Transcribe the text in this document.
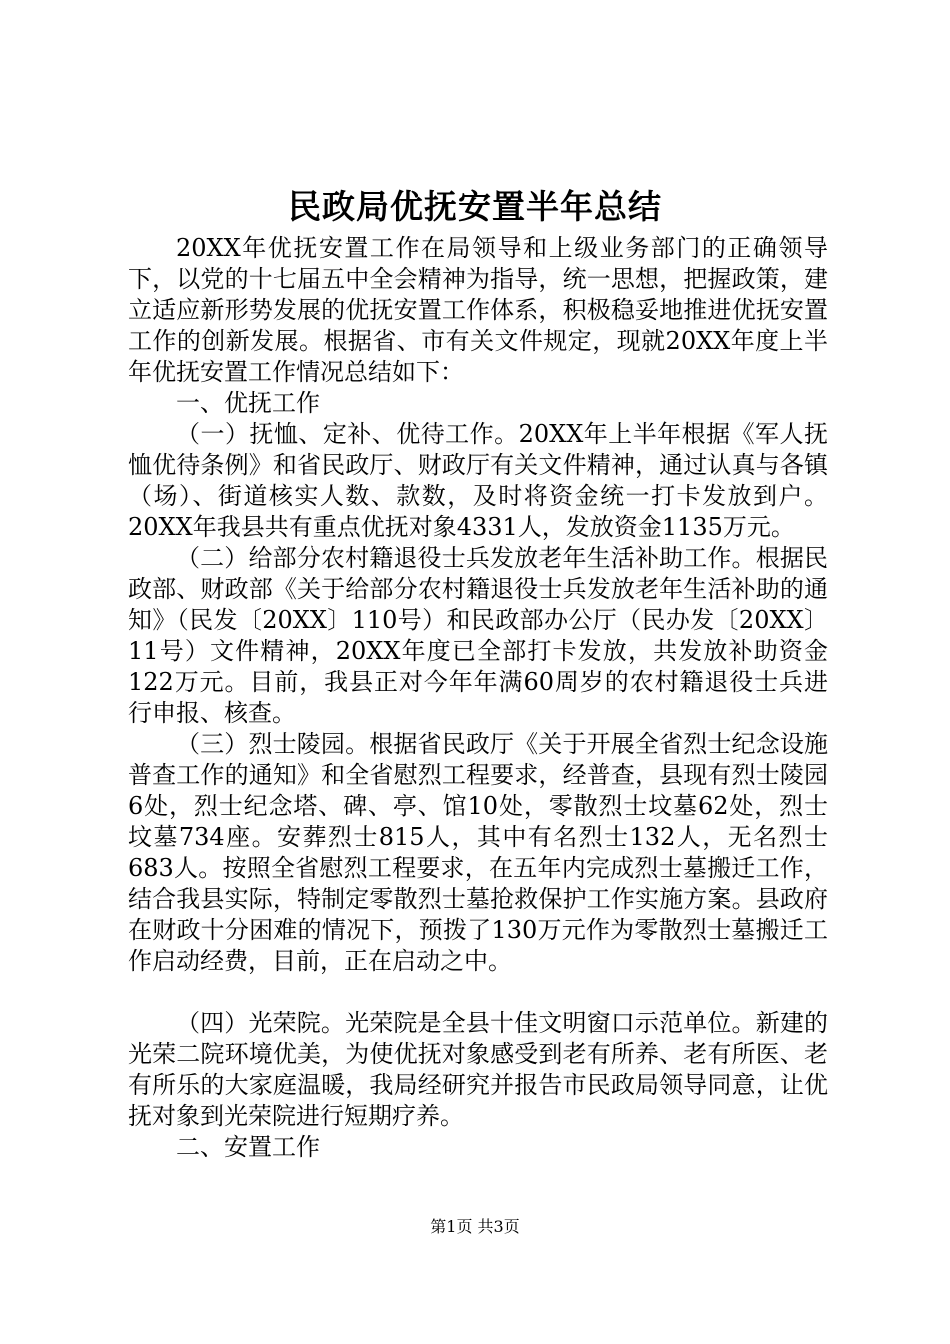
民政局优抚安置半年总结

20XX年优抚安置工作在局领导和上级业务部门的正确领导下，以党的十七届五中全会精神为指导，统一思想，把握政策，建立适应新形势发展的优抚安置工作体系，积极稳妥地推进优抚安置工作的创新发展。根据省、市有关文件规定，现就20XX年度上半年优抚安置工作情况总结如下：

一、优抚工作

（一）抚恤、定补、优待工作。20XX年上半年根据《军人抚恤优待条例》和省民政厅、财政厅有关文件精神，通过认真与各镇（场）、街道核实人数、款数，及时将资金统一打卡发放到户。20XX年我县共有重点优抚对象4331人，发放资金1135万元。

（二）给部分农村籍退役士兵发放老年生活补助工作。根据民政部、财政部《关于给部分农村籍退役士兵发放老年生活补助的通知》（民发〔20XX〕110号）和民政部办公厅（民办发〔20XX〕11号）文件精神，20XX年度已全部打卡发放，共发放补助资金122万元。目前，我县正对今年年满60周岁的农村籍退役士兵进行申报、核查。

（三）烈士陵园。根据省民政厅《关于开展全省烈士纪念设施普查工作的通知》和全省慰烈工程要求，经普查，县现有烈士陵园6处，烈士纪念塔、碑、亭、馆10处，零散烈士坟墓62处，烈士坟墓734座。安葬烈士815人，其中有名烈士132人，无名烈士683人。按照全省慰烈工程要求，在五年内完成烈士墓搬迁工作，结合我县实际，特制定零散烈士墓抢救保护工作实施方案。县政府在财政十分困难的情况下，预拨了130万元作为零散烈士墓搬迁工作启动经费，目前，正在启动之中。

（四）光荣院。光荣院是全县十佳文明窗口示范单位。新建的光荣二院环境优美，为使优抚对象感受到老有所养、老有所医、老有所乐的大家庭温暖，我局经研究并报告市民政局领导同意，让优抚对象到光荣院进行短期疗养。

二、安置工作

第1页 共3页
